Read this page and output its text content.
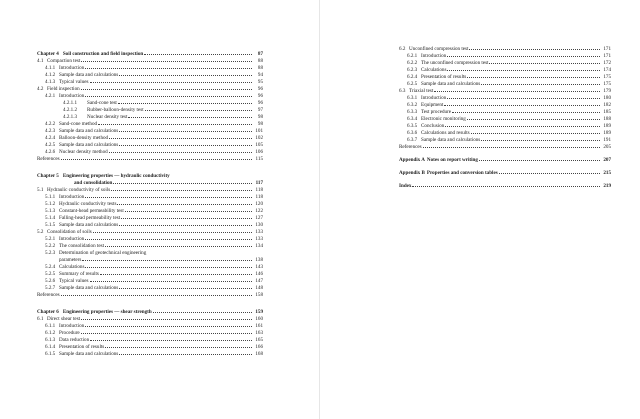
Chapter 4 Soil construction and field inspection	87
4.1 Compaction test	88
4.1.1 Introduction	88
4.1.2 Sample data and calculations	94
4.1.3 Typical values	95
4.2 Field inspection	96
4.2.1 Introduction	96
4.2.1.1	Sand-cone test	96
4.2.1.2	Rubber-balloon-density test	97
4.2.1.3	Nuclear density test	98
4.2.2 Sand-cone method	98
4.2.3 Sample data and calculations	101
4.2.4 Balloon-density method	102
4.2.5 Sample data and calculations	105
4.2.6 Nuclear density method	106
References	115
Chapter 5 Engineering properties — hydraulic conductivity
and consolidation	117
5.1 Hydraulic conductivity of soils	118
5.1.1 Introduction	118
5.1.2 Hydraulic conductivity tests	120
5.1.3 Constant-head permeability test	122
5.1.4 Falling-head permeability test	127
5.1.5 Sample data and calculations	130
5.2 Consolidation of soils	133
5.2.1 Introduction	133
5.2.2 The consolidation test	134
5.2.3 Determination of geotechnical engineering
parameters	138
5.2.4 Calculations	143
5.2.5 Summary of results	146
5.2.6 Typical values	147
5.2.7 Sample data and calculations	148
References	158
Chapter 6 Engineering properties — shear strength	159
6.1 Direct shear test	160
6.1.1 Introduction	161
6.1.2 Procedure	163
6.1.3 Data reduction	165
6.1.4 Presentation of results	166
6.1.5 Sample data and calculations	168
6.2 Unconfined compression test	171
6.2.1 Introduction	171
6.2.2 The unconfined compression test	172
6.2.3 Calculations	174
6.2.4 Presentation of results	175
6.2.5 Sample data and calculations	175
6.3 Triaxial test	179
6.3.1 Introduction	180
6.3.2 Equipment	182
6.3.3 Test procedure	185
6.3.4 Electronic monitoring	188
6.3.5 Conclusion	189
6.3.6 Calculations and results	189
6.3.7 Sample data and calculations	191
References	205
Appendix A Notes on report writing	207
Appendix B Properties and conversion tables	215
Index	219
